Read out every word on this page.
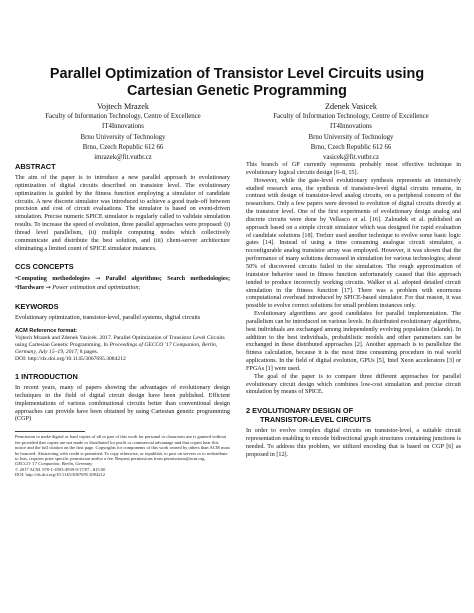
Parallel Optimization of Transistor Level Circuits using
Cartesian Genetic Programming
Vojtech Mrazek
Faculty of Information Technology, Centre of Excellence
IT4Innovations
Brno University of Technology
Brno, Czech Republic 612 66
imrazek@fit.vutbr.cz
Zdenek Vasicek
Faculty of Information Technology, Centre of Excellence
IT4Innovations
Brno University of Technology
Brno, Czech Republic 612 66
vasicek@fit.vutbr.cz
ABSTRACT

The aim of the paper is to introduce a new parallel approach to evolutionary optimization of digital circuits described on transistor level. The evolutionary optimization is guided by the fitness function employing a simulator of candidate circuits. A new discrete simulator was introduced to achieve a good trade-off between precision and cost of circuit evaluations. The simulator is based on event-driven simulation. Precise numeric SPICE simulator is regularly called to validate simulation results. To increase the speed of evolution, three parallel approaches were proposed: (i) thread level parallelism, (ii) multiple computing nodes which collectively communicate and distribute the best solution, and (iii) client-server architecture eliminating a limited count of SPICE simulator instances.

CCS CONCEPTS

•Computing methodologies → Parallel algorithms; Search methodologies; •Hardware → Power estimation and optimization;

KEYWORDS

Evolutionary optimization, transistor-level, parallel systems, digital circuits

ACM Reference format:

Vojtech Mrazek and Zdenek Vasicek. 2017. Parallel Optimization of Transistor Level Circuits using Cartesian Genetic Programming. In Proceedings of GECCO '17 Companion, Berlin, Germany, July 15–19, 2017, 8 pages.
DOI: http://dx.doi.org/10.1145/3067695.3084212

1 INTRODUCTION

In recent years, many of papers showing the advantages of evolutionary design techniques in the field of digital circuit design have been published. Efficient implementations of various combinational circuits better than conventional design approaches can provide have been obtained by using Cartesian genetic programming (CGP)

Permission to make digital or hard copies of all or part of this work for personal or classroom use is granted without fee provided that copies are not made or distributed for profit or commercial advantage and that copies bear this notice and the full citation on the first page. Copyrights for components of this work owned by others than ACM must be honored. Abstracting with credit is permitted. To copy otherwise, or republish, to post on servers or to redistribute to lists, requires prior specific permission and/or a fee. Request permissions from permissions@acm.org.

GECCO '17 Companion, Berlin, Germany

© 2017 ACM. 978-1-4503-4939-0/17/07...$15.00

DOI: http://dx.doi.org/10.1145/3067695.3084212

This branch of GP currently represents probably most effective technique in evolutionary logical circuits design [6–8, 15].

However, while the gate-level evolutionary synthesis represents an intensively studied research area, the synthesis of transistor-level digital circuits remains, in contrast with design of transistor-level analog circuits, on a peripheral concern of the researchers. Only a few papers were devoted to evolution of digital circuits directly at the transistor level. One of the first experiments of evolutionary design analog and discrete circuits were done by Vellasco et al. [16]. Zaloudek et al. published an approach based on a simple circuit simulator which was designed for rapid evaluation of candidate solutions [18]. Trefzer used another technique to evolve some basic logic gates [14]. Instead of using a time consuming analogue circuit simulator, a reconfigurable analog transistor array was employed. However, it was shown that the performance of many solutions decreased in simulation for various technologies; about 50% of discovered circuits failed in the simulation. The rough approximation of transistor behavior used in fitness function unfortunately caused that this approach tended to produce incorrectly working circuits. Walker et al. adopted detailed circuit simulation in the fitness function [17]. There was a problem with enormous computational overhead introduced by SPICE-based simulator. For that reason, it was possible to evolve correct solutions for small problem instances only.

Evolutionary algorithms are good candidates for parallel implementation. The parallelism can be introduced on various levels. In distributed evolutionary algorithms, best individuals are exchanged among independently evolving population (islands). In addition to the best individuals, probabilistic models and other parameters can be exchanged in these distributed approaches [2]. Another approach is to parallelize the fitness calculation, because it is the most time consuming procedure in real world applications. In the field of digital evolution, GPUs [5], Intel Xeon accelerators [3] or FPGAs [1] were used.

The goal of the paper is to compare three different approaches for parallel evolutionary circuit design which combines low-cost simulation and precise circuit simulation by means of SPICE.

2 EVOLUTIONARY DESIGN OF
TRANSISTOR-LEVEL CIRCUITS

In order to evolve complex digital circuits on transistor-level, a suitable circuit representation enabling to encode bidirectional graph structures containing junctions is needed. To address this problem, we utilized encoding that is based on CGP [6] as proposed in [12].
